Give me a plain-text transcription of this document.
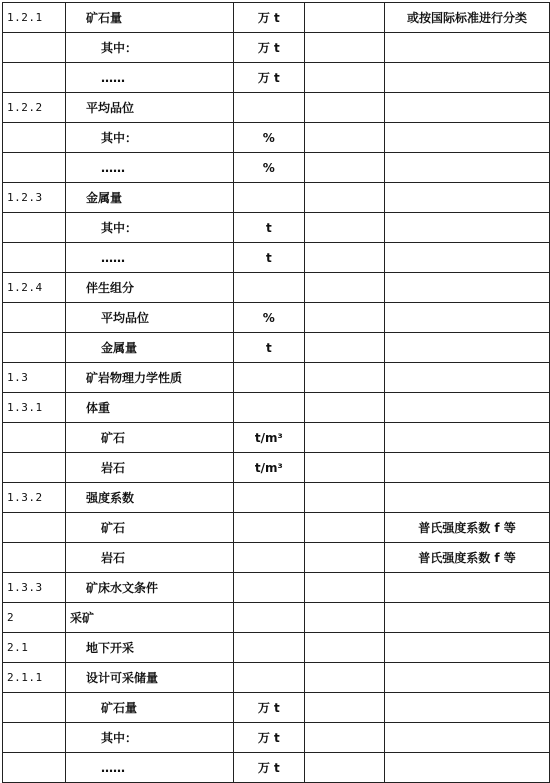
1.2.1	矿石量	万 t		或按国际标准进行分类
	其中：	万 t		
	……	万 t		
1.2.2	平均品位			
	其中：	%		
	……	%		
1.2.3	金属量			
	其中：	t		
	……	t		
1.2.4	伴生组分			
	平均品位	%		
	金属量	t		
1.3	矿岩物理力学性质			
1.3.1	体重			
	矿石	t/m³		
	岩石	t/m³		
1.3.2	强度系数			
	矿石			普氏强度系数 f 等
	岩石			普氏强度系数 f 等
1.3.3	矿床水文条件			
2	采矿			
2.1	地下开采			
2.1.1	设计可采储量			
	矿石量	万 t		
	其中：	万 t		
	……	万 t		
